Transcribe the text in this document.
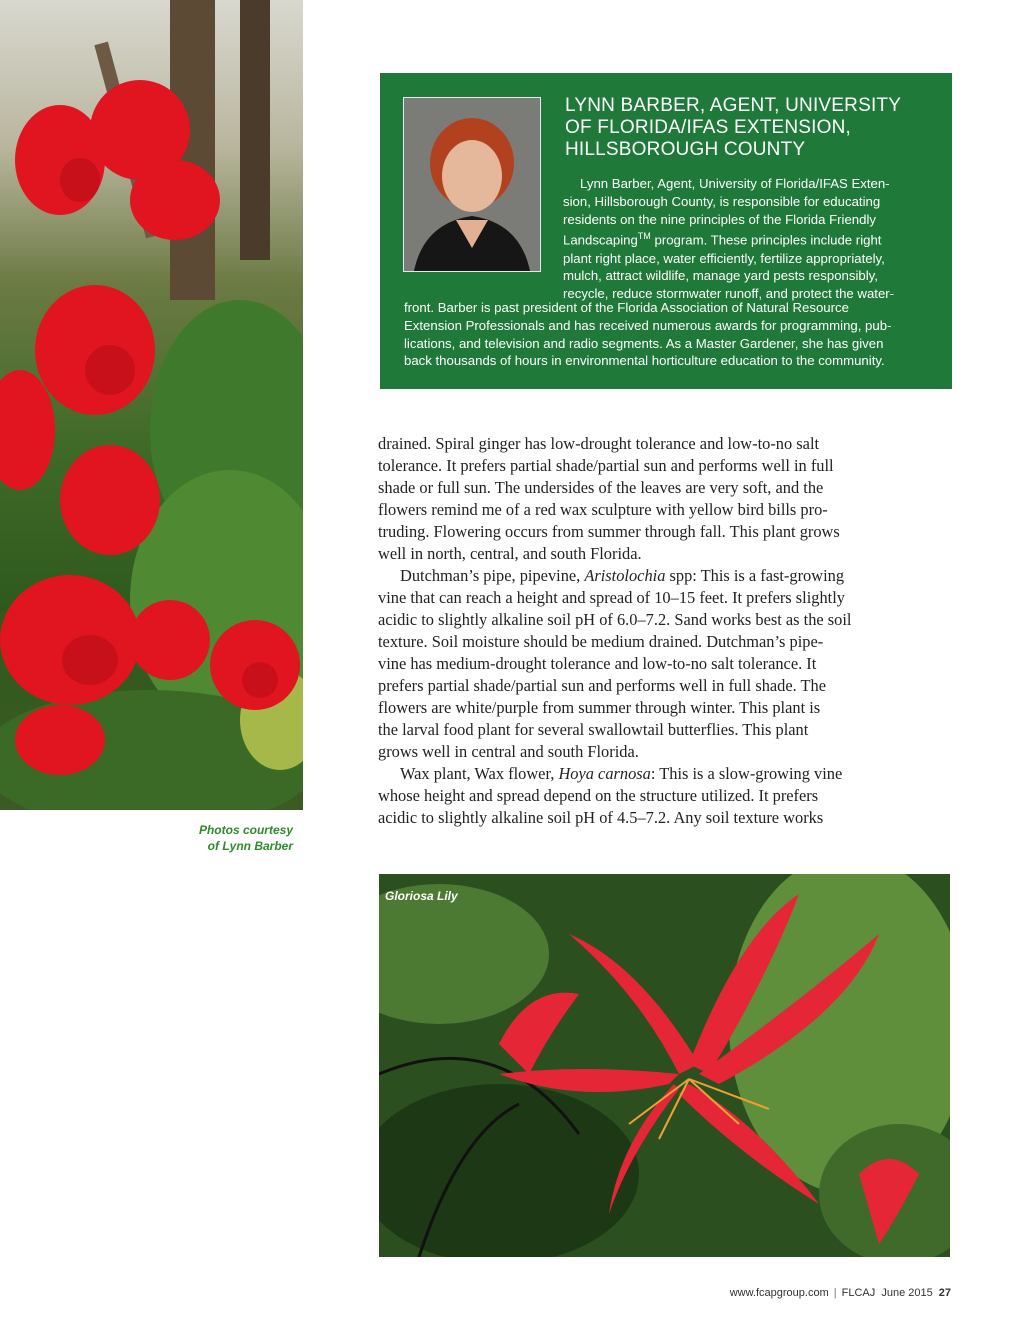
Photos courtesy
of Lynn Barber
LYNN BARBER, AGENT, UNIVERSITY
OF FLORIDA/IFAS EXTENSION,
HILLSBOROUGH COUNTY
Lynn Barber, Agent, University of Florida/IFAS Exten-
sion, Hillsborough County, is responsible for educating
residents on the nine principles of the Florida Friendly
Landscaping™ program. These principles include right
plant right place, water efficiently, fertilize appropriately,
mulch, attract wildlife, manage yard pests responsibly,
recycle, reduce stormwater runoff, and protect the water-
front. Barber is past president of the Florida Association of Natural Resource
Extension Professionals and has received numerous awards for programming, pub-
lications, and television and radio segments. As a Master Gardener, she has given
back thousands of hours in environmental horticulture education to the community.
drained. Spiral ginger has low-drought tolerance and low-to-no salt
tolerance. It prefers partial shade/partial sun and performs well in full
shade or full sun. The undersides of the leaves are very soft, and the
flowers remind me of a red wax sculpture with yellow bird bills pro-
truding. Flowering occurs from summer through fall. This plant grows
well in north, central, and south Florida.
Dutchman’s pipe, pipevine, Aristolochia spp: This is a fast-growing
vine that can reach a height and spread of 10–15 feet. It prefers slightly
acidic to slightly alkaline soil pH of 6.0–7.2. Sand works best as the soil
texture. Soil moisture should be medium drained. Dutchman’s pipe-
vine has medium-drought tolerance and low-to-no salt tolerance. It
prefers partial shade/partial sun and performs well in full shade. The
flowers are white/purple from summer through winter. This plant is
the larval food plant for several swallowtail butterflies. This plant
grows well in central and south Florida.
Wax plant, Wax flower, Hoya carnosa: This is a slow-growing vine
whose height and spread depend on the structure utilized. It prefers
acidic to slightly alkaline soil pH of 4.5–7.2. Any soil texture works
Gloriosa Lily
www.fcapgroup.com | FLCAJ June 2015 27
